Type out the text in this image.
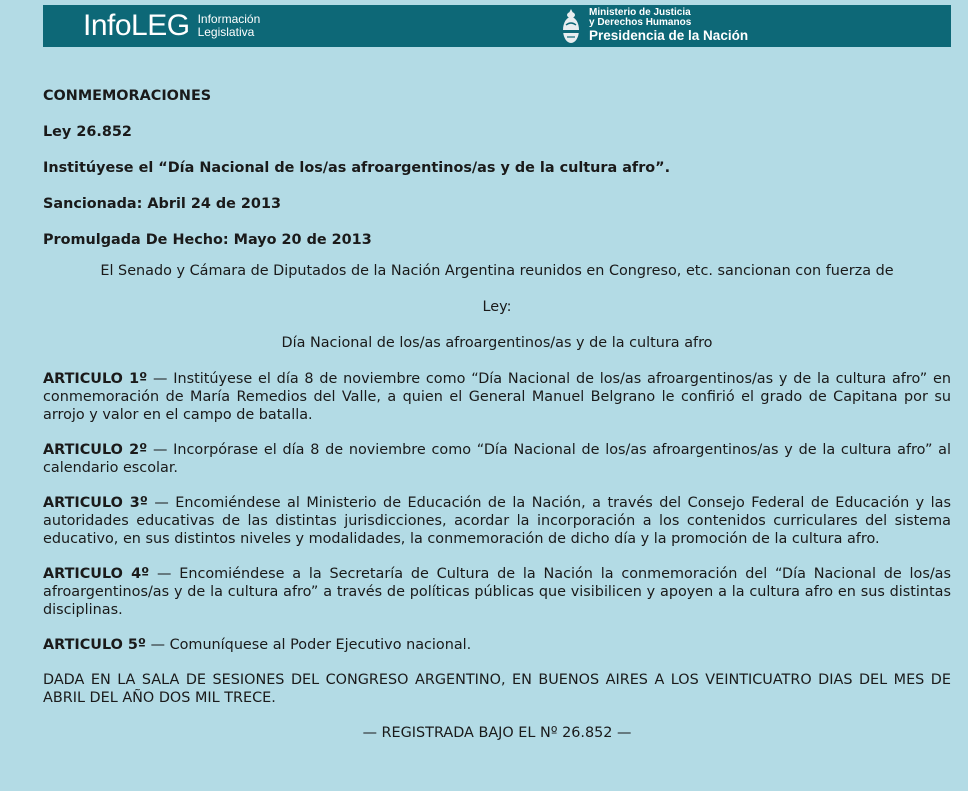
InfoLEG Información
Legislativa
Ministerio de Justicia
y Derechos Humanos
Presidencia de la Nación

CONMEMORACIONES

Ley 26.852

Institúyese el “Día Nacional de los/as afroargentinos/as y de la cultura afro”.

Sancionada: Abril 24 de 2013

Promulgada De Hecho: Mayo 20 de 2013

El Senado y Cámara de Diputados de la Nación Argentina reunidos en Congreso, etc. sancionan con fuerza de

Ley:

Día Nacional de los/as afroargentinos/as y de la cultura afro

ARTICULO 1º — Institúyese el día 8 de noviembre como “Día Nacional de los/as afroargentinos/as y de la cultura afro” en conmemoración de María Remedios del Valle, a quien el General Manuel Belgrano le confirió el grado de Capitana por su arrojo y valor en el campo de batalla.

ARTICULO 2º — Incorpórase el día 8 de noviembre como “Día Nacional de los/as afroargentinos/as y de la cultura afro” al calendario escolar.

ARTICULO 3º — Encomiéndese al Ministerio de Educación de la Nación, a través del Consejo Federal de Educación y las autoridades educativas de las distintas jurisdicciones, acordar la incorporación a los contenidos curriculares del sistema educativo, en sus distintos niveles y modalidades, la conmemoración de dicho día y la promoción de la cultura afro.

ARTICULO 4º — Encomiéndese a la Secretaría de Cultura de la Nación la conmemoración del “Día Nacional de los/as afroargentinos/as y de la cultura afro” a través de políticas públicas que visibilicen y apoyen a la cultura afro en sus distintas disciplinas.

ARTICULO 5º — Comuníquese al Poder Ejecutivo nacional.

DADA EN LA SALA DE SESIONES DEL CONGRESO ARGENTINO, EN BUENOS AIRES A LOS VEINTICUATRO DIAS DEL MES DE ABRIL DEL AÑO DOS MIL TRECE.

— REGISTRADA BAJO EL Nº 26.852 —
